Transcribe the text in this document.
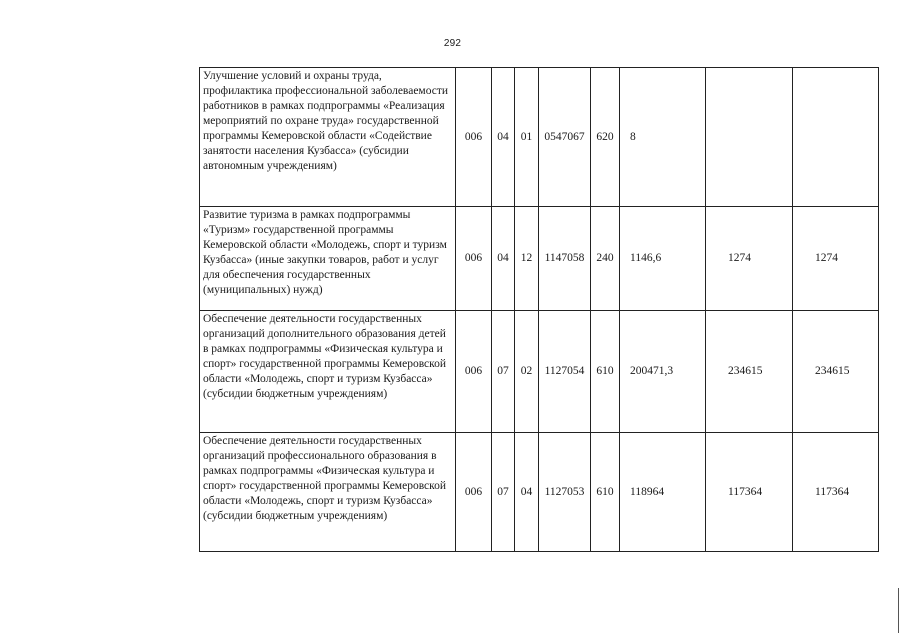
292
Улучшение условий и охраны труда, профилактика профессиональной заболеваемости работников в рамках подпрограммы «Реализация мероприятий по охране труда» государственной программы Кемеровской области «Содействие занятости населения Кузбасса» (субсидии автономным учреждениям)	006	04	01	0547067	620	8		
Развитие туризма в рамках подпрограммы «Туризм» государственной программы Кемеровской области «Молодежь, спорт и туризм Кузбасса» (иные закупки товаров, работ и услуг для обеспечения государственных (муниципальных) нужд)	006	04	12	1147058	240	1146,6	1274	1274
Обеспечение деятельности государственных организаций дополнительного образования детей в рамках подпрограммы «Физическая культура и спорт» государственной программы Кемеровской области «Молодежь, спорт и туризм Кузбасса» (субсидии бюджетным учреждениям)	006	07	02	1127054	610	200471,3	234615	234615
Обеспечение деятельности государственных организаций профессионального образования в рамках подпрограммы «Физическая культура и спорт» государственной программы Кемеровской области «Молодежь, спорт и туризм Кузбасса» (субсидии бюджетным учреждениям)	006	07	04	1127053	610	118964	117364	117364
